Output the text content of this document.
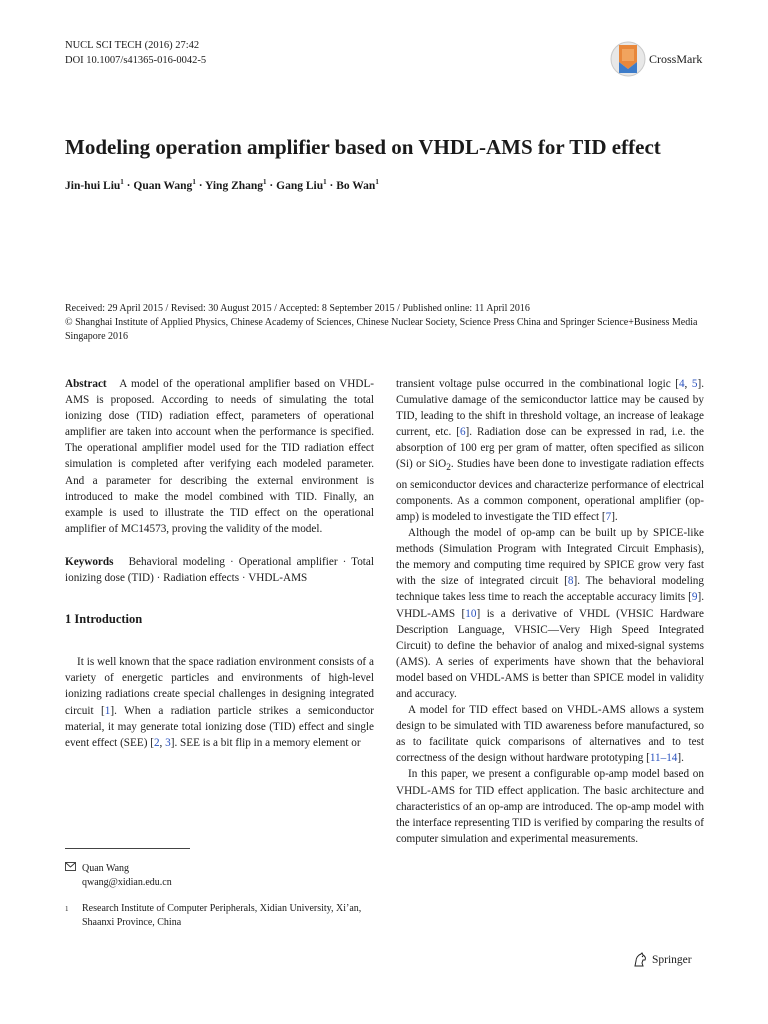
NUCL SCI TECH (2016) 27:42
DOI 10.1007/s41365-016-0042-5	CrossMark
Modeling operation amplifier based on VHDL-AMS for TID effect
Jin-hui Liu$^1$ · Quan Wang$^1$ · Ying Zhang$^1$ · Gang Liu$^1$ · Bo Wan$^1$
Received: 29 April 2015 / Revised: 30 August 2015 / Accepted: 8 September 2015 / Published online: 11 April 2016
© Shanghai Institute of Applied Physics, Chinese Academy of Sciences, Chinese Nuclear Society, Science Press China and Springer Science+Business Media Singapore 2016

Abstract A model of the operational amplifier based on VHDL-AMS is proposed. According to needs of simulating the total ionizing dose (TID) radiation effect, parameters of operational amplifier are taken into account when the performance is specified. The operational amplifier model used for the TID radiation effect simulation is completed after verifying each modeled parameter. And a parameter for describing the external environment is introduced to make the model combined with TID. Finally, an example is used to illustrate the TID effect on the operational amplifier of MC14573, proving the validity of the model.

Keywords Behavioral modeling · Operational amplifier · Total ionizing dose (TID) · Radiation effects · VHDL-AMS

1 Introduction

It is well known that the space radiation environment consists of a variety of energetic particles and environments of high-level ionizing radiations create special challenges in designing integrated circuit [1]. When a radiation particle strikes a semiconductor material, it may generate total ionizing dose (TID) effect and single event effect (SEE) [2, 3]. SEE is a bit flip in a memory element or

transient voltage pulse occurred in the combinational logic [4, 5]. Cumulative damage of the semiconductor lattice may be caused by TID, leading to the shift in threshold voltage, an increase of leakage current, etc. [6]. Radiation dose can be expressed in rad, i.e. the absorption of 100 erg per gram of matter, often specified as silicon (Si) or SiO$_2$. Studies have been done to investigate radiation effects on semiconductor devices and characterize performance of electrical components. As a common component, operational amplifier (op-amp) is modeled to investigate the TID effect [7].

Although the model of op-amp can be built up by SPICE-like methods (Simulation Program with Integrated Circuit Emphasis), the memory and computing time required by SPICE grow very fast with the size of integrated circuit [8]. The behavioral modeling technique takes less time to reach the acceptable accuracy limits [9]. VHDL-AMS [10] is a derivative of VHDL (VHSIC Hardware Description Language, VHSIC—Very High Speed Integrated Circuit) to define the behavior of analog and mixed-signal systems (AMS). A series of experiments have shown that the behavioral model based on VHDL-AMS is better than SPICE model in validity and accuracy.

A model for TID effect based on VHDL-AMS allows a system design to be simulated with TID awareness before manufactured, so as to facilitate quick comparisons of alternatives and to test correctness of the design without hardware prototyping [11–14].

In this paper, we present a configurable op-amp model based on VHDL-AMS for TID effect application. The basic architecture and characteristics of an op-amp are introduced. The op-amp model with the interface representing TID is verified by comparing the results of computer simulation and experimental measurements.

Quan Wang
qwang@xidian.edu.cn
1	Research Institute of Computer Peripherals, Xidian University, Xi’an, Shaanxi Province, China
Springer
